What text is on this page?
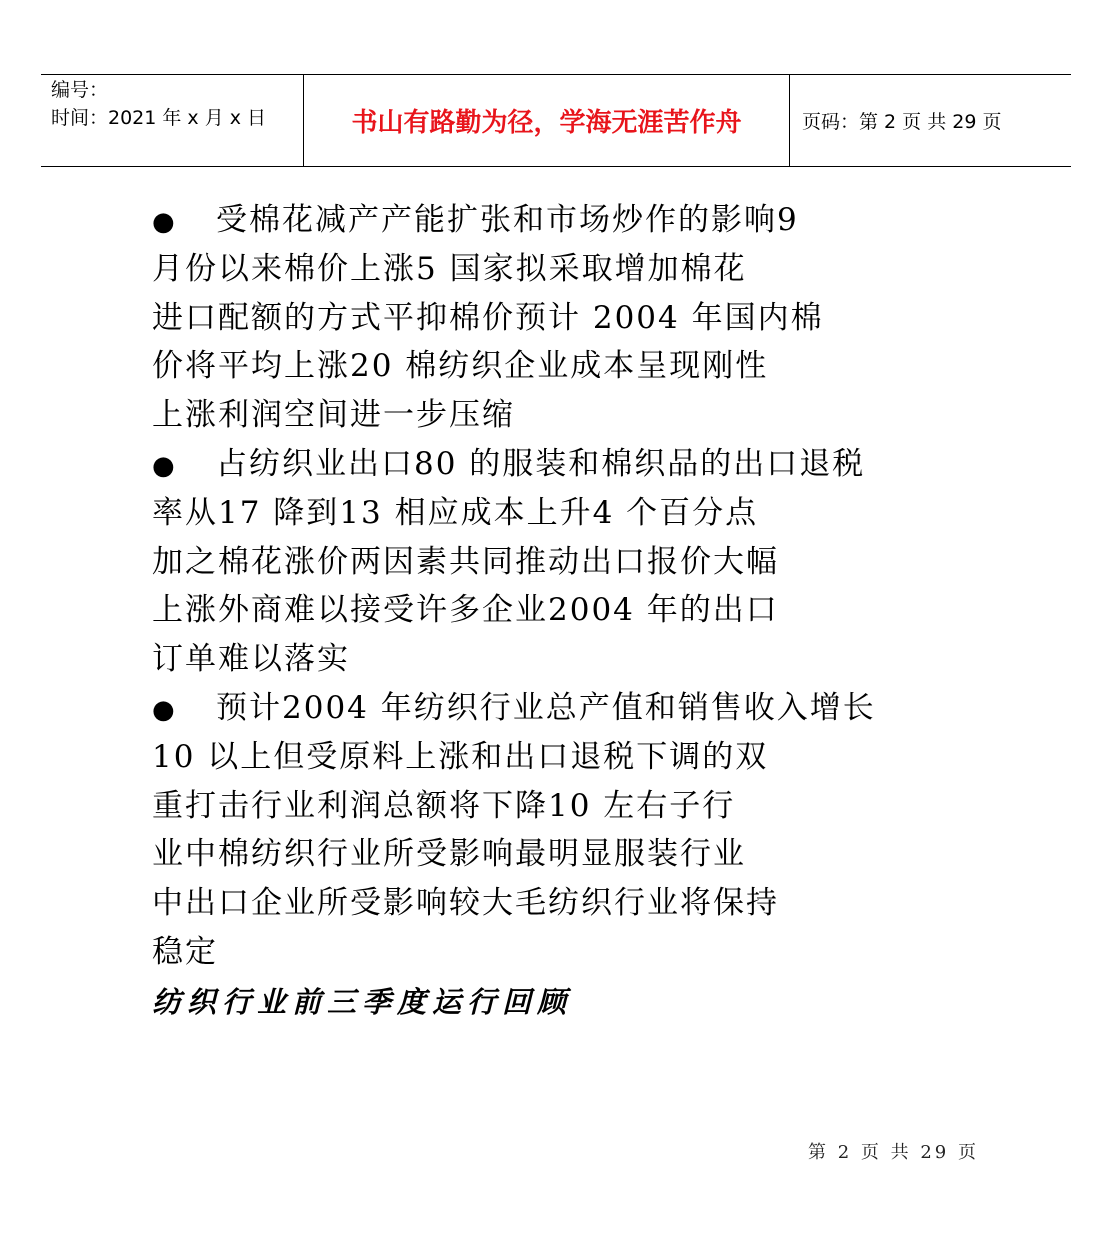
编号：
时间：2021 年 x 月 x 日	书山有路勤为径，学海无涯苦作舟	页码：第 2 页 共 29 页
● 受棉花减产产能扩张和市场炒作的影响9
月份以来棉价上涨5 国家拟采取增加棉花
进口配额的方式平抑棉价预计 2004 年国内棉
价将平均上涨20 棉纺织企业成本呈现刚性
上涨利润空间进一步压缩
● 占纺织业出口80 的服装和棉织品的出口退税
率从17 降到13 相应成本上升4 个百分点
加之棉花涨价两因素共同推动出口报价大幅
上涨外商难以接受许多企业2004 年的出口
订单难以落实
● 预计2004 年纺织行业总产值和销售收入增长
10 以上但受原料上涨和出口退税下调的双
重打击行业利润总额将下降10 左右子行
业中棉纺织行业所受影响最明显服装行业
中出口企业所受影响较大毛纺织行业将保持
稳定
纺织行业前三季度运行回顾
第 2 页 共 29 页
